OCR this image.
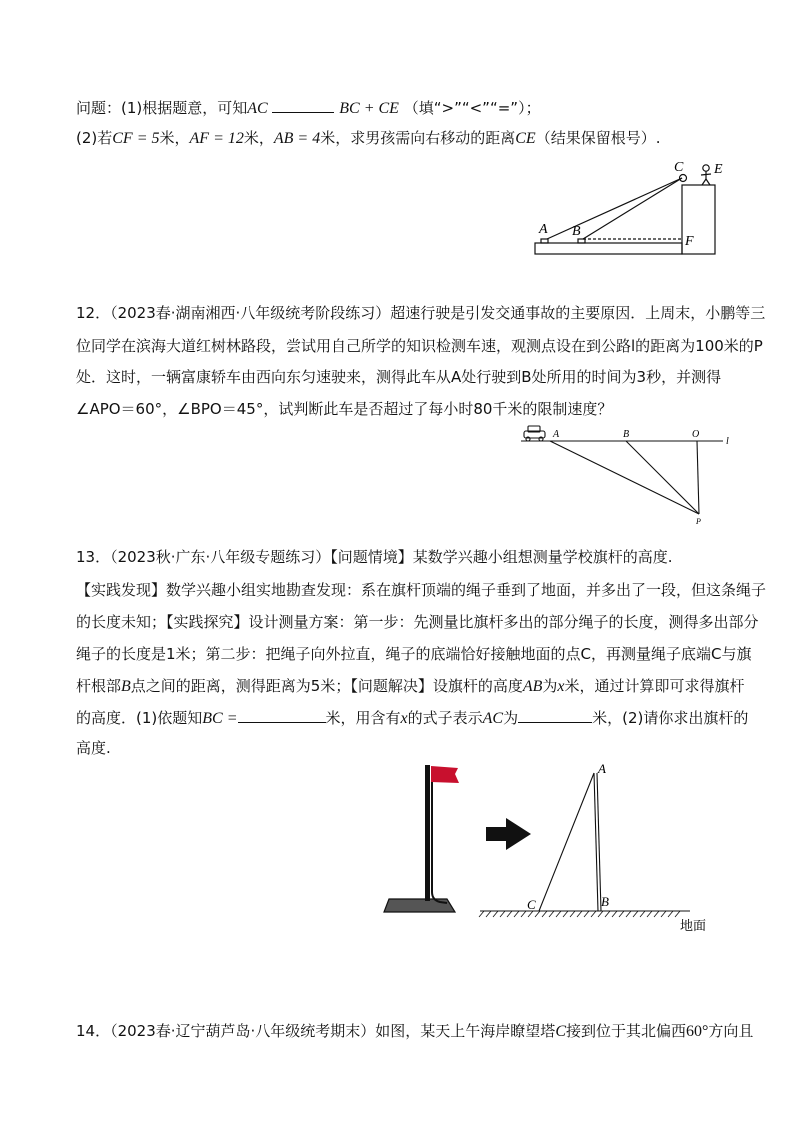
问题：(1)根据题意，可知AC	BC + CE （填“>”“<”“=”）；
(2)若CF = 5米，AF = 12米，AB = 4米，求男孩需向右移动的距离CE（结果保留根号）.
A B
C E
F
12．（2023春·湖南湘西·八年级统考阶段练习）超速行驶是引发交通事故的主要原因．上周末，小鹏等三
位同学在滨海大道红树林路段，尝试用自己所学的知识检测车速，观测点设在到公路l的距离为100米的P
处．这时，一辆富康轿车由西向东匀速驶来，测得此车从A处行驶到B处所用的时间为3秒，并测得
∠APO＝60°，∠BPO＝45°，试判断此车是否超过了每小时80千米的限制速度？
A	B	O
l
P
13．（2023秋·广东·八年级专题练习）【问题情境】某数学兴趣小组想测量学校旗杆的高度.
【实践发现】数学兴趣小组实地勘查发现：系在旗杆顶端的绳子垂到了地面，并多出了一段，但这条绳子
的长度未知；【实践探究】设计测量方案：第一步：先测量比旗杆多出的部分绳子的长度，测得多出部分
绳子的长度是1米；第二步：把绳子向外拉直，绳子的底端恰好接触地面的点C，再测量绳子底端C与旗
杆根部B点之间的距离，测得距离为5米；【问题解决】设旗杆的高度AB为x米，通过计算即可求得旗杆
的高度．(1)依题知BC =	米，用含有x的式子表示AC为	米，(2)请你求出旗杆的
高度.
C
A
B
地面
14．（2023春·辽宁葫芦岛·八年级统考期末）如图，某天上午海岸瞭望塔C接到位于其北偏西60°方向且
